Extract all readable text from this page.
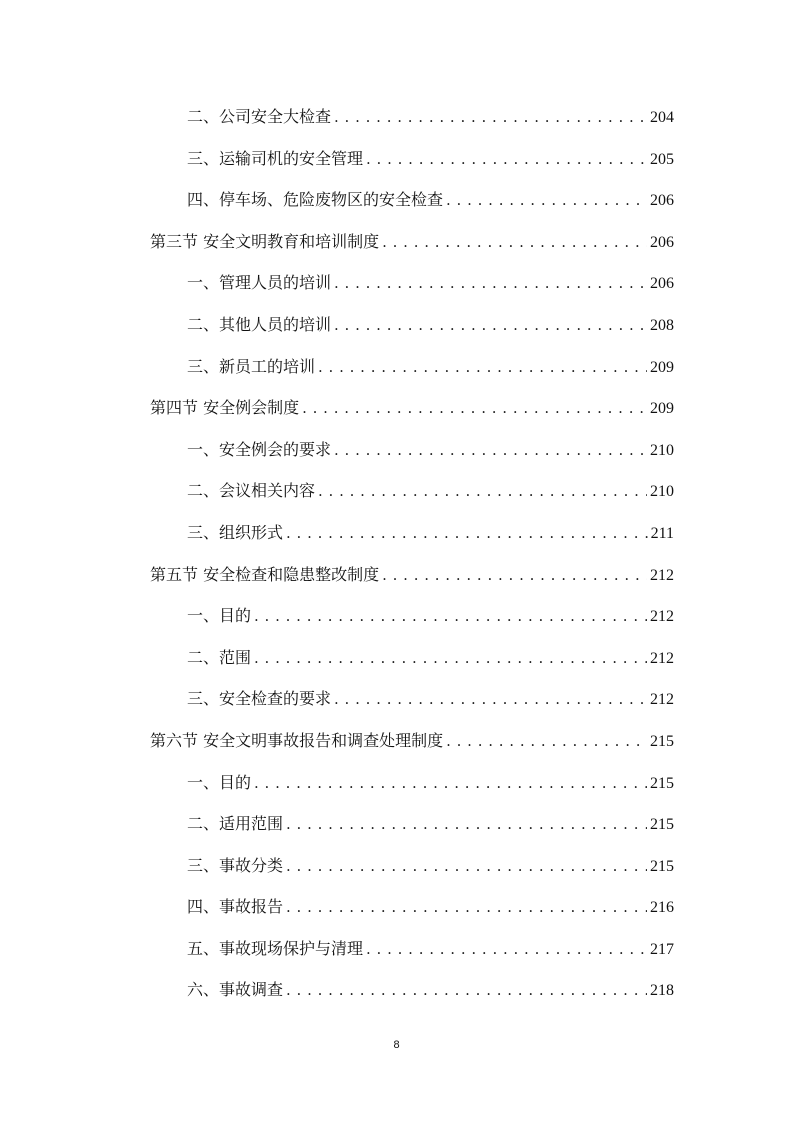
二、公司安全大检查 . . .	204
三、运输司机的安全管理 . . .	205
四、停车场、危险废物区的安全检查 . . .	206
第三节 安全文明教育和培训制度 . . .	206
一、管理人员的培训 . . .	206
二、其他人员的培训 . . .	208
三、新员工的培训 . . .	209
第四节 安全例会制度 . . .	209
一、安全例会的要求 . . .	210
二、会议相关内容 . . .	210
三、组织形式 . . .	211
第五节 安全检查和隐患整改制度 . . .	212
一、目的 . . .	212
二、范围 . . .	212
三、安全检查的要求 . . .	212
第六节 安全文明事故报告和调查处理制度 . . .	215
一、目的 . . .	215
二、适用范围 . . .	215
三、事故分类 . . .	215
四、事故报告 . . .	216
五、事故现场保护与清理 . . .	217
六、事故调查 . . .	218
8
